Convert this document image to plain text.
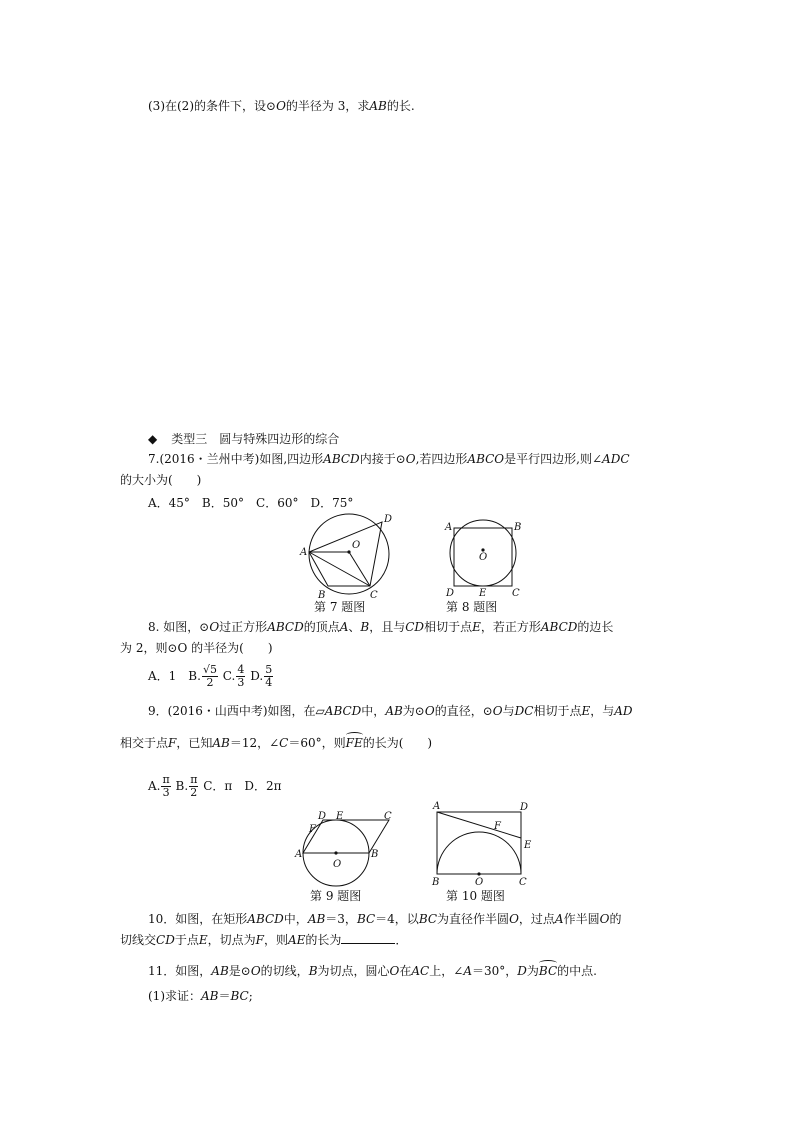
(3)在(2)的条件下，设⊙O的半径为 3，求AB的长.
◆ 类型三　圆与特殊四边形的综合
7.(2016・兰州中考)如图,四边形ABCD内接于⊙O,若四边形ABCO是平行四边形,则∠ADC
的大小为(　　)
A．45°　B．50°　C．60°　D．75°
A
B	C
D
O
第 7 题图
A	B
C
D E
O
第 8 题图
8. 如图，⊙O过正方形ABCD的顶点A、B，且与CD相切于点E，若正方形ABCD的边长
为 2，则⊙O 的半径为(　　)
A．1　B. $\frac{√5}{2} C$. $\frac{4}{3} D$. $\frac{5}{4}$
9．(2016・山西中考)如图，在▱ABCD中，AB为⊙O的直径，⊙O与DC相切于点E，与AD
相交于点F，已知AB＝12，∠C＝60°，则FE的长为(　　)
A. $\frac{\pi}{3} B$. $\frac{\pi}{2}$ C．π　D．2π
A	B
C
D E
F
O
第 9 题图
A
B	C
D
E
F
O
第 10 题图
10．如图，在矩形ABCD中，AB＝3，BC＝4，以BC为直径作半圆O，过点A作半圆O的
切线交CD于点E，切点为F，则AE的长为	．
11．如图，AB是⊙O的切线，B为切点，圆心O在AC上，∠A＝30°，D为BC的中点.
(1)求证：AB＝BC;
